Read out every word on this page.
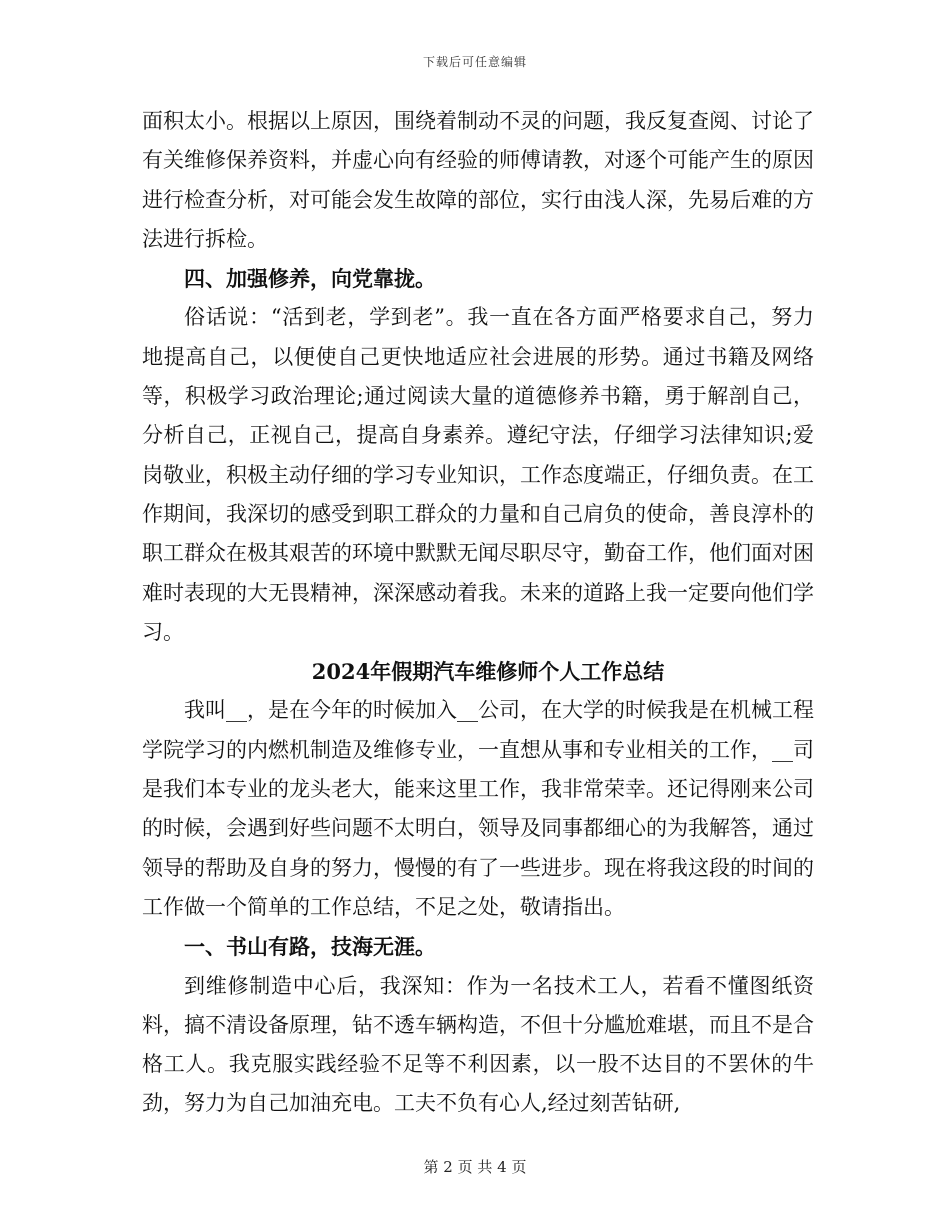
下载后可任意编辑

面积太小。根据以上原因，围绕着制动不灵的问题，我反复查阅、讨论了有关维修保养资料，并虚心向有经验的师傅请教，对逐个可能产生的原因进行检查分析，对可能会发生故障的部位，实行由浅人深，先易后难的方法进行拆检。

四、加强修养，向党靠拢。

俗话说：“活到老，学到老”。我一直在各方面严格要求自己，努力地提高自己，以便使自己更快地适应社会进展的形势。通过书籍及网络等，积极学习政治理论;通过阅读大量的道德修养书籍，勇于解剖自己，分析自己，正视自己，提高自身素养。遵纪守法，仔细学习法律知识;爱岗敬业，积极主动仔细的学习专业知识，工作态度端正，仔细负责。在工作期间，我深切的感受到职工群众的力量和自己肩负的使命，善良淳朴的职工群众在极其艰苦的环境中默默无闻尽职尽守，勤奋工作，他们面对困难时表现的大无畏精神，深深感动着我。未来的道路上我一定要向他们学习。

2024年假期汽车维修师个人工作总结

我叫__，是在今年的时候加入__公司，在大学的时候我是在机械工程学院学习的内燃机制造及维修专业，一直想从事和专业相关的工作，__司是我们本专业的龙头老大，能来这里工作，我非常荣幸。还记得刚来公司的时候，会遇到好些问题不太明白，领导及同事都细心的为我解答，通过领导的帮助及自身的努力，慢慢的有了一些进步。现在将我这段的时间的工作做一个简单的工作总结，不足之处，敬请指出。

一、书山有路，技海无涯。

到维修制造中心后，我深知：作为一名技术工人，若看不懂图纸资料，搞不清设备原理，钻不透车辆构造，不但十分尴尬难堪，而且不是合格工人。我克服实践经验不足等不利因素，以一股不达目的不罢休的牛劲，努力为自己加油充电。工夫不负有心人,经过刻苦钻研,

第 2 页 共 4 页
